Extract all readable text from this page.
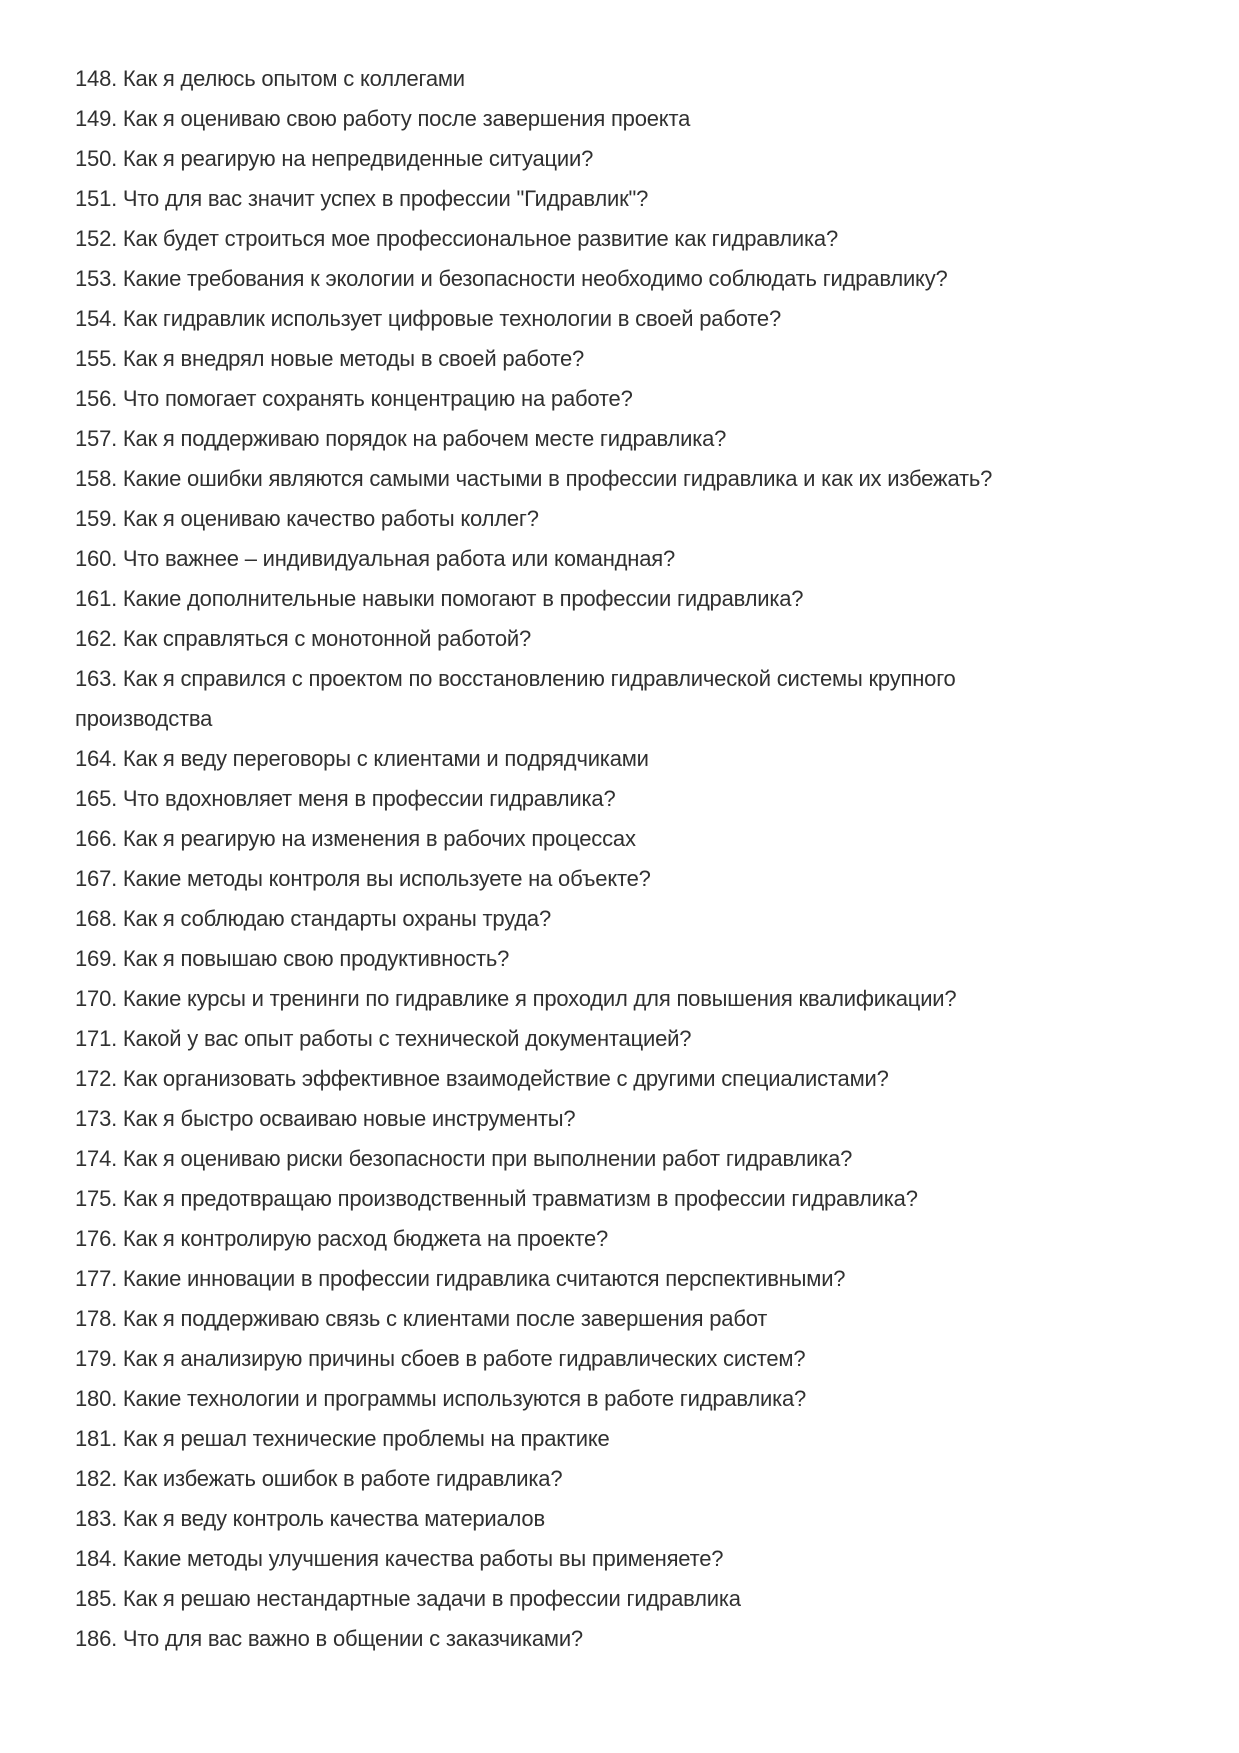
148. Как я делюсь опытом с коллегами

149. Как я оцениваю свою работу после завершения проекта

150. Как я реагирую на непредвиденные ситуации?

151. Что для вас значит успех в профессии "Гидравлик"?

152. Как будет строиться мое профессиональное развитие как гидравлика?

153. Какие требования к экологии и безопасности необходимо соблюдать гидравлику?

154. Как гидравлик использует цифровые технологии в своей работе?

155. Как я внедрял новые методы в своей работе?

156. Что помогает сохранять концентрацию на работе?

157. Как я поддерживаю порядок на рабочем месте гидравлика?

158. Какие ошибки являются самыми частыми в профессии гидравлика и как их избежать?

159. Как я оцениваю качество работы коллег?

160. Что важнее – индивидуальная работа или командная?

161. Какие дополнительные навыки помогают в профессии гидравлика?

162. Как справляться с монотонной работой?

163. Как я справился с проектом по восстановлению гидравлической системы крупного производства

164. Как я веду переговоры с клиентами и подрядчиками

165. Что вдохновляет меня в профессии гидравлика?

166. Как я реагирую на изменения в рабочих процессах

167. Какие методы контроля вы используете на объекте?

168. Как я соблюдаю стандарты охраны труда?

169. Как я повышаю свою продуктивность?

170. Какие курсы и тренинги по гидравлике я проходил для повышения квалификации?

171. Какой у вас опыт работы с технической документацией?

172. Как организовать эффективное взаимодействие с другими специалистами?

173. Как я быстро осваиваю новые инструменты?

174. Как я оцениваю риски безопасности при выполнении работ гидравлика?

175. Как я предотвращаю производственный травматизм в профессии гидравлика?

176. Как я контролирую расход бюджета на проекте?

177. Какие инновации в профессии гидравлика считаются перспективными?

178. Как я поддерживаю связь с клиентами после завершения работ

179. Как я анализирую причины сбоев в работе гидравлических систем?

180. Какие технологии и программы используются в работе гидравлика?

181. Как я решал технические проблемы на практике

182. Как избежать ошибок в работе гидравлика?

183. Как я веду контроль качества материалов

184. Какие методы улучшения качества работы вы применяете?

185. Как я решаю нестандартные задачи в профессии гидравлика

186. Что для вас важно в общении с заказчиками?
